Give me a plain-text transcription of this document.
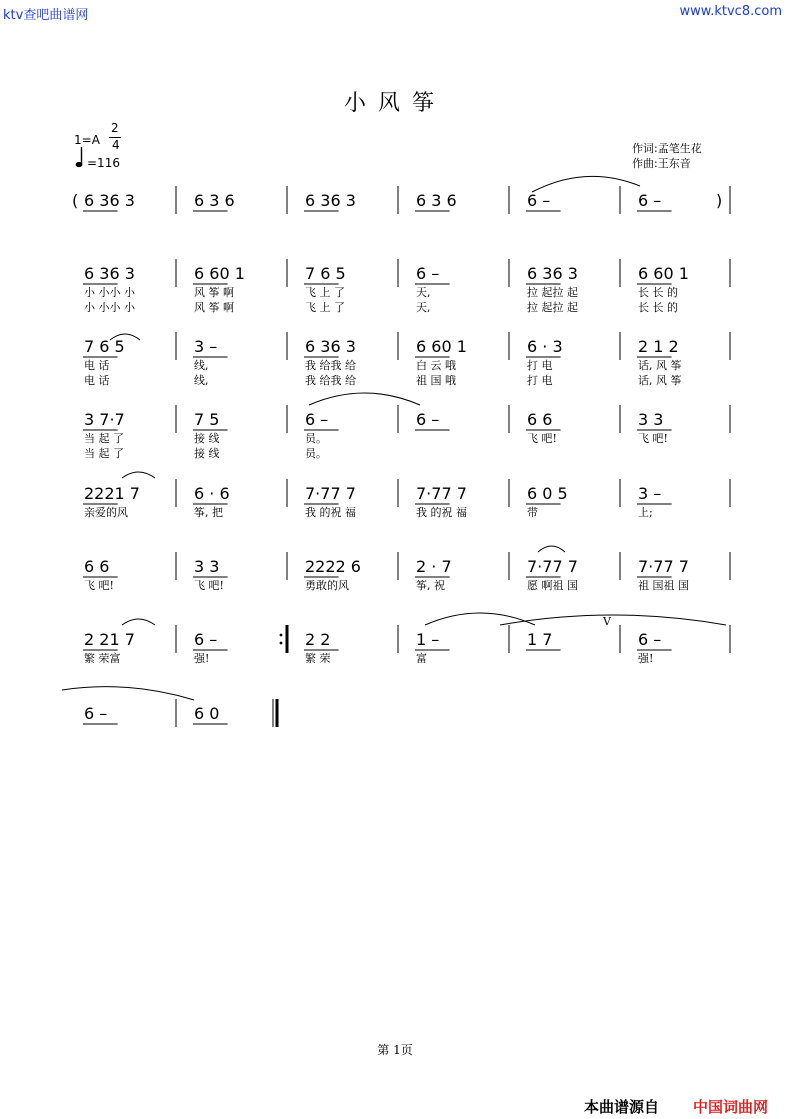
ktv查吧曲谱网	www.ktvc8.com
小风筝
1=A
2
4
=116
作词:孟笔生花
作曲:王东音
6 36 3	6 3 6	6 36 3	6 3 6	6 –	6 –
6 36 3
小 小小 小
小 小小 小
6 60 1
风 筝 啊
风 筝 啊
7 6 5
飞 上 了
飞 上 了
6 –
天,
天,
6 36 3
拉 起拉 起
拉 起拉 起
6 60 1
长 长 的
长 长 的
7 6 5
电 话
电 话
3 –
线,
线,
6 36 3
我 给我 给
我 给我 给
6 60 1
白 云 哦
祖 国 哦
6 · 3
打 电
打 电
2 1 2
话, 风 筝
话, 风 筝
3 7·7
当 起 了
当 起 了
7 5
接 线
接 线
6 –
员。
员。
6 –	6 6
飞 吧!
3 3
飞 吧!
2221 7
亲爱的风
6 · 6
筝, 把
7·77 7
我 的祝 福
7·77 7
我 的祝 福
6 0 5
带
3 –
上;
6 6
飞 吧!
3 3
飞 吧!
2222 6
勇敢的风
2 · 7
筝, 祝
7·77 7
愿 啊祖 国
7·77 7
祖 国祖 国
2 21 7
繁 荣富
6 –
强!
2 2
繁 荣
1 –
富
1 7	6 –
强!
6 –	6 0
(	)
V
第 1页
本曲谱源自 中国词曲网
